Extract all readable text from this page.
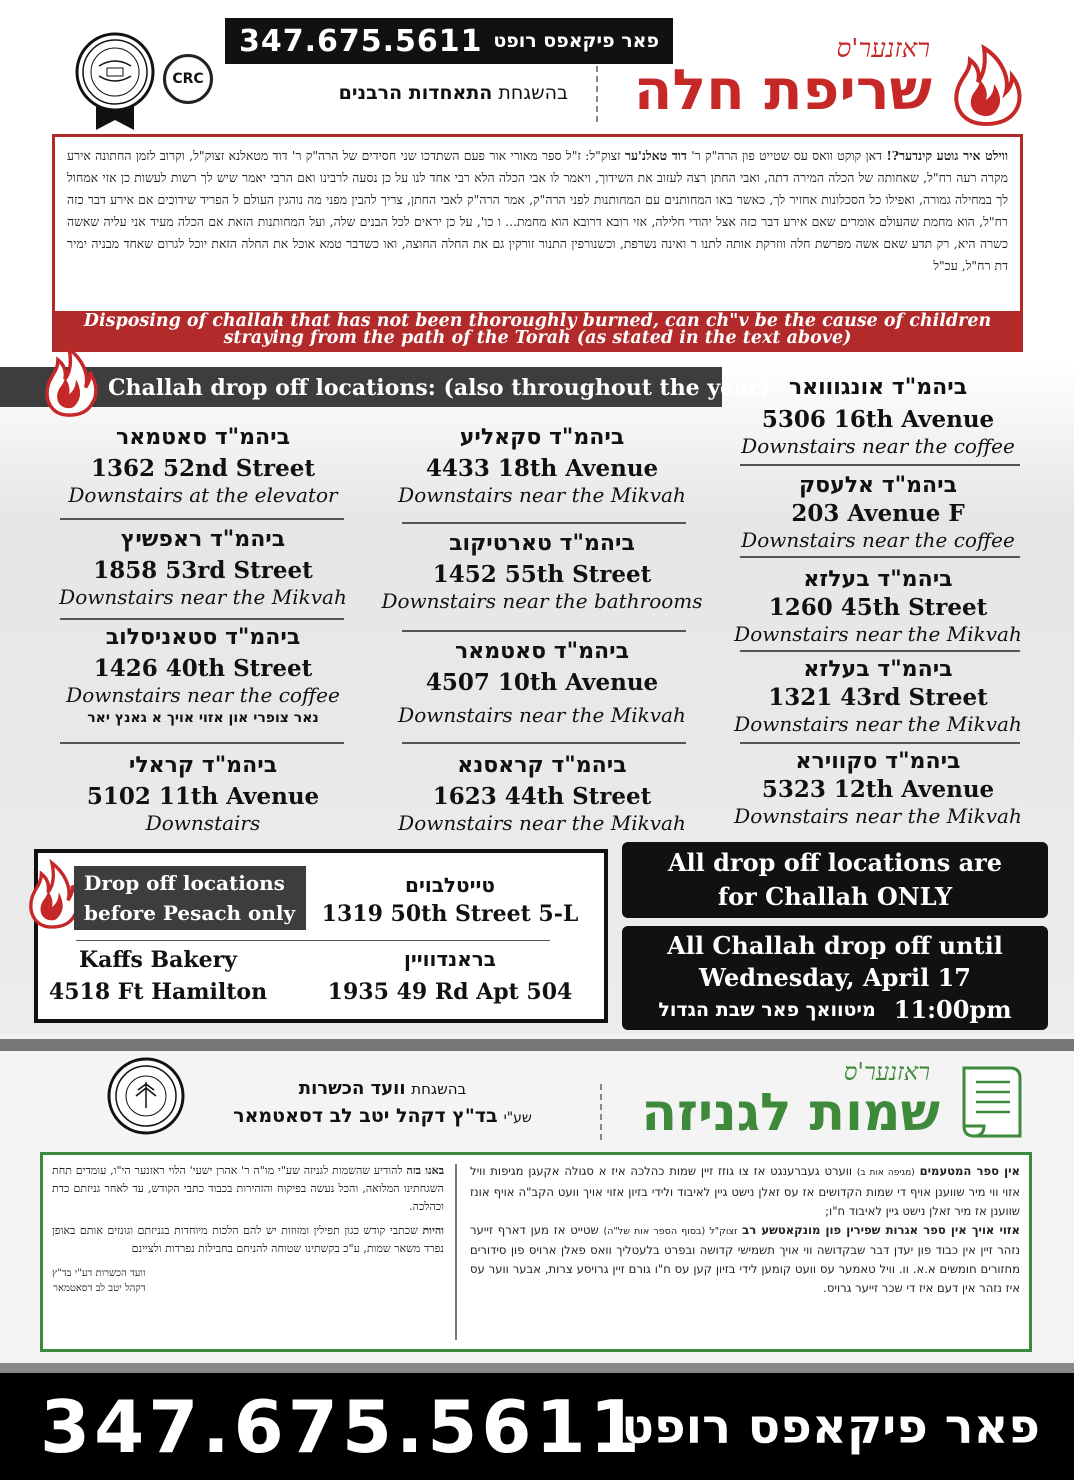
347.675.5611 פאר פיקאפס רופט
CRC
בהשגחת התאחדות הרבנים
ראזנער'ס
שריפת חלה
ווילט איר גוטע קינדער?! דאן קוקט וואס עס שטייט פון הרה"ק ר' דוד טאלנ'ער זצוק"ל: ז"ל ספר מאורי אור פעם השתדכו שני חסידים של הרה"ק ר' דוד מטאלנא זצוק"ל, וקרוב לזמן החתונה אירע מקרה רעה רח"ל, שאחותה של הכלה המירה דתה, ואבי החתן רצה לעזוב את השידוך, ויאמר לו אבי הכלה הלא רבי אחד לנו על כן נסעה לרבינו ואם הרבי יאמר שיש לך רשות לעשות כן אזי אמחול לך במחילה גמורה, ואפילו כל הסכלונות אחזיר לך, כאשר באו המחותנים עם המחותנות לפני הרה"ק, אמר הרה"ק לאבי החתן, צריך להבין מפני מה נוהגין העולם ל הפריד שידוכים אם אירע דבר כזה רח"ל, הוא מחמת שהעולם אומרים שאם אירע דבר כזה אצל יהודי חלילה, אזי רובא דרובא הוא מחמת... ו כו', על כן יראים לכל הבנים שלה, ועל המחותנות הזאת אם הכלה מעיד אני עליה שאשה כשרה היא, רק תדע שאם אשה מפרשת חלה ווזרקת אותה לתנו ר ואינה נשרפת, וכשנורפין התנור זורקין גם את החלה החוצה, ואו כשדבר טמא אוכל את החלה הזאת יוכל לגרום שאחד מבניה ימיר דת רח"ל, עכ"ל
Disposing of challah that has not been thoroughly burned, can ch"v be the cause of children
straying from the path of the Torah (as stated in the text above)
Challah drop off locations: (also throughout the year)
ביהמ"ד סאטמאר
1362 52nd Street
Downstairs at the elevator
ביהמ"ד ראפשיץ
1858 53rd Street
Downstairs near the Mikvah
ביהמ"ד סטאניסלוב
1426 40th Street
Downstairs near the coffee
נאר צופרי און אזוי אויך א גאנץ יאר
ביהמ"ד קראלי
5102 11th Avenue
Downstairs
ביהמ"ד סקאליע
4433 18th Avenue
Downstairs near the Mikvah
ביהמ"ד טארטיקוב
1452 55th Street
Downstairs near the bathrooms
ביהמ"ד סאטמאר
4507 10th Avenue
Downstairs near the Mikvah
ביהמ"ד קראסנא
1623 44th Street
Downstairs near the Mikvah
ביהמ"ד אונגווואר
5306 16th Avenue
Downstairs near the coffee
ביהמ"ד אלעסק
203 Avenue F
Downstairs near the coffee
ביהמ"ד בעלזא
1260 45th Street
Downstairs near the Mikvah
ביהמ"ד בעלזא
1321 43rd Street
Downstairs near the Mikvah
ביהמ"ד סקווירא
5323 12th Avenue
Downstairs near the Mikvah
Drop off locations
before Pesach only
טייטלבוים
1319 50th Street 5-L
Kaffs Bakery
4518 Ft Hamilton
בראנדוויין
1935 49 Rd Apt 504
All drop off locations are
for Challah ONLY
All Challah drop off until
Wednesday, April 17
מיטוואך פאר שבת הגדול 11:00pm
בהשגחת וועד הכשרות
שע"י בד"ץ דקהל יטב לב דסאטמאר
ראזנער'ס
שמות לגניזה

אין ספר המטעמים (מגיפה אות ב) ווערט געברענגט אז צו גוזז זיין שמות כהלכה איז א סגולה אקעגן מגיפות וויל אזוי ווי מיר שווענן אויף די שמות הקדושים אז עס זאלן נישט גיין לאיבוד ולידי בזיון אזוי אויך וועט הקב"ה אויף אונז שווענן אז מיר זאלן נישט גיין לאיבוד ח"ו;

אזוי אויך אין ספר אגרות שפירין פון מונקאטשע רב זצוק"ל (בסוף הספר אות של"ה) שטייט אז מען דארף זייער נזהר זיין אין כבוד פון יעדן דבר שבקדושה ווי אויך תשמישי קדושה ובפרט בלעטליך וואס פאלן ארויס פון סידורים מחזורים חומשים א.א. וו. וויל טאמער עס וועט קומען לידי בזיון קען עס ח"ו גורם זיין גרויסע צרות, אבער ווער עס איז נזהר אין דעם איז די שכר זייער גרויס.

באנו בזה להודיע שהשמות לגניזה שע"י מו"ה ר' אהרן ישעי' הלוי ראזנער הי"ו, עומדים תחת השגחתינו המלואה, והכל נעשה בפיקוח והזהירות בכבוד כתבי הקודש, עד לאחר גניזתם כדת וכהלכה.

והיות שכתבי קודש כגון תפילין ומזוזות יש להם הלכות מיוחדות בגניזתם וגונזים אותם באופן נפרד משאר שמות, ע"כ בקשתינו שטוחה להניחם בחבילות נפרדות ולציינם

וועד הכשרות דע"י בד"ץ
דקהל יטב לב דסאטמאר

347.675.5611
פאר פיקאפס רופט
